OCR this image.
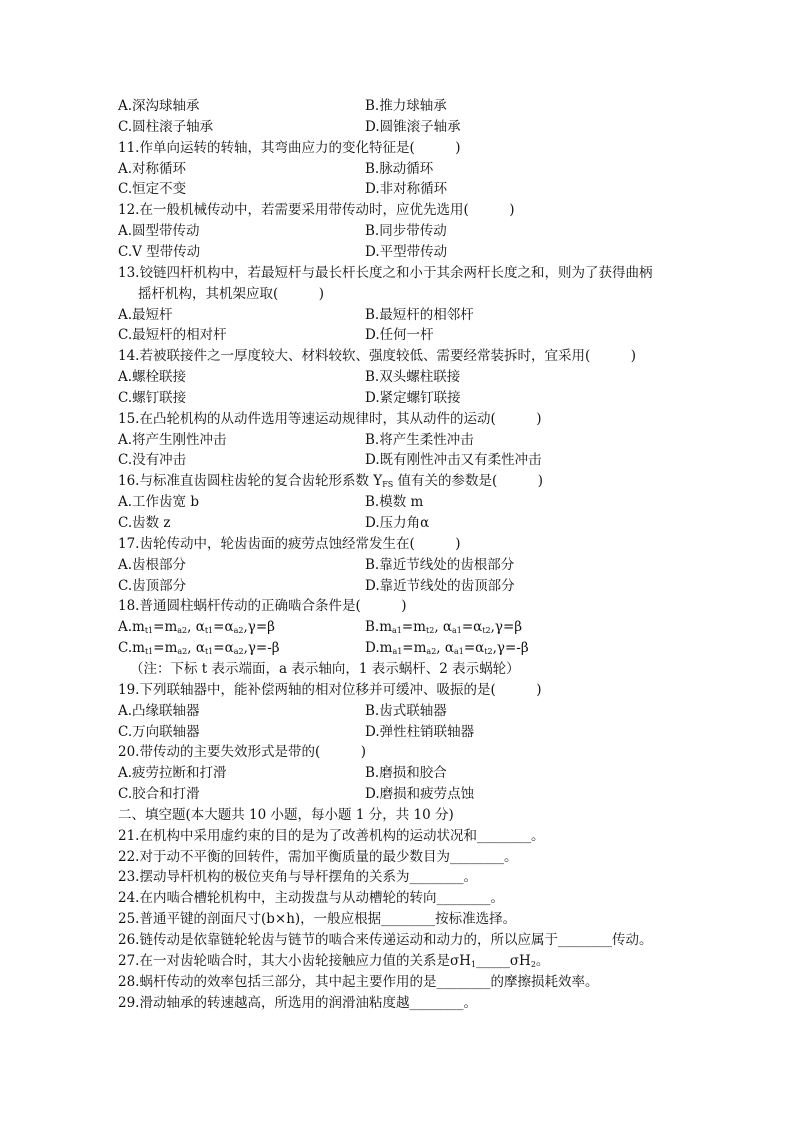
A.深沟球轴承	B.推力球轴承
C.圆柱滚子轴承	D.圆锥滚子轴承
11.作单向运转的转轴，其弯曲应力的变化特征是(　　　)
A.对称循环	B.脉动循环
C.恒定不变	D.非对称循环
12.在一般机械传动中，若需要采用带传动时，应优先选用(　　　)
A.圆型带传动	B.同步带传动
C.V 型带传动	D.平型带传动
13.铰链四杆机构中，若最短杆与最长杆长度之和小于其余两杆长度之和，则为了获得曲柄
摇杆机构，其机架应取(　　　)
A.最短杆	B.最短杆的相邻杆
C.最短杆的相对杆	D.任何一杆
14.若被联接件之一厚度较大、材料较软、强度较低、需要经常装拆时，宜采用(　　　)
A.螺栓联接	B.双头螺柱联接
C.螺钉联接	D.紧定螺钉联接
15.在凸轮机构的从动件选用等速运动规律时，其从动件的运动(　　　)
A.将产生刚性冲击	B.将产生柔性冲击
C.没有冲击	D.既有刚性冲击又有柔性冲击
16.与标准直齿圆柱齿轮的复合齿轮形系数 $Y_{FS}$ 值有关的参数是(　　　)
A.工作齿宽 b	B.模数 m
C.齿数 z	D.压力角α
17.齿轮传动中，轮齿齿面的疲劳点蚀经常发生在(　　　)
A.齿根部分	B.靠近节线处的齿根部分
C.齿顶部分	D.靠近节线处的齿顶部分
18.普通圆柱蜗杆传动的正确啮合条件是(　　　)
$A.m_{t1}=m_{a2}$, $\alpha_{t1}=\alpha_{a2},\gamma=\beta$	$B.m_{a1}=m_{t2}$, $\alpha_{a1}=\alpha_{t2},\gamma=\beta$
$C.m_{t1}=m_{a2}$, $\alpha_{t1}=\alpha_{a2},\gamma=-\beta$	$D.m_{a1}=m_{a2}$, $\alpha_{a1}=\alpha_{t2},\gamma=-\beta$
（注：下标 t 表示端面，a 表示轴向，1 表示蜗杆、2 表示蜗轮）
19.下列联轴器中，能补偿两轴的相对位移并可缓冲、吸振的是(　　　)
A.凸缘联轴器	B.齿式联轴器
C.万向联轴器	D.弹性柱销联轴器
20.带传动的主要失效形式是带的(　　　)
A.疲劳拉断和打滑	B.磨损和胶合
C.胶合和打滑	D.磨损和疲劳点蚀
二、填空题(本大题共 10 小题，每小题 1 分，共 10 分)
21.在机构中采用虚约束的目的是为了改善机构的运动状况和________。
22.对于动不平衡的回转件，需加平衡质量的最少数目为________。
23.摆动导杆机构的极位夹角与导杆摆角的关系为________。
24.在内啮合槽轮机构中，主动拨盘与从动槽轮的转向________。
25.普通平键的剖面尺寸(b×h)，一般应根据________按标准选择。
26.链传动是依靠链轮轮齿与链节的啮合来传递运动和动力的，所以应属于________传动。
27.在一对齿轮啮合时，其大小齿轮接触应力值的关系是$\sigma H_1\_\_\_\_\_\sigma H_2$。
28.蜗杆传动的效率包括三部分，其中起主要作用的是________的摩擦损耗效率。
29.滑动轴承的转速越高，所选用的润滑油粘度越________。
